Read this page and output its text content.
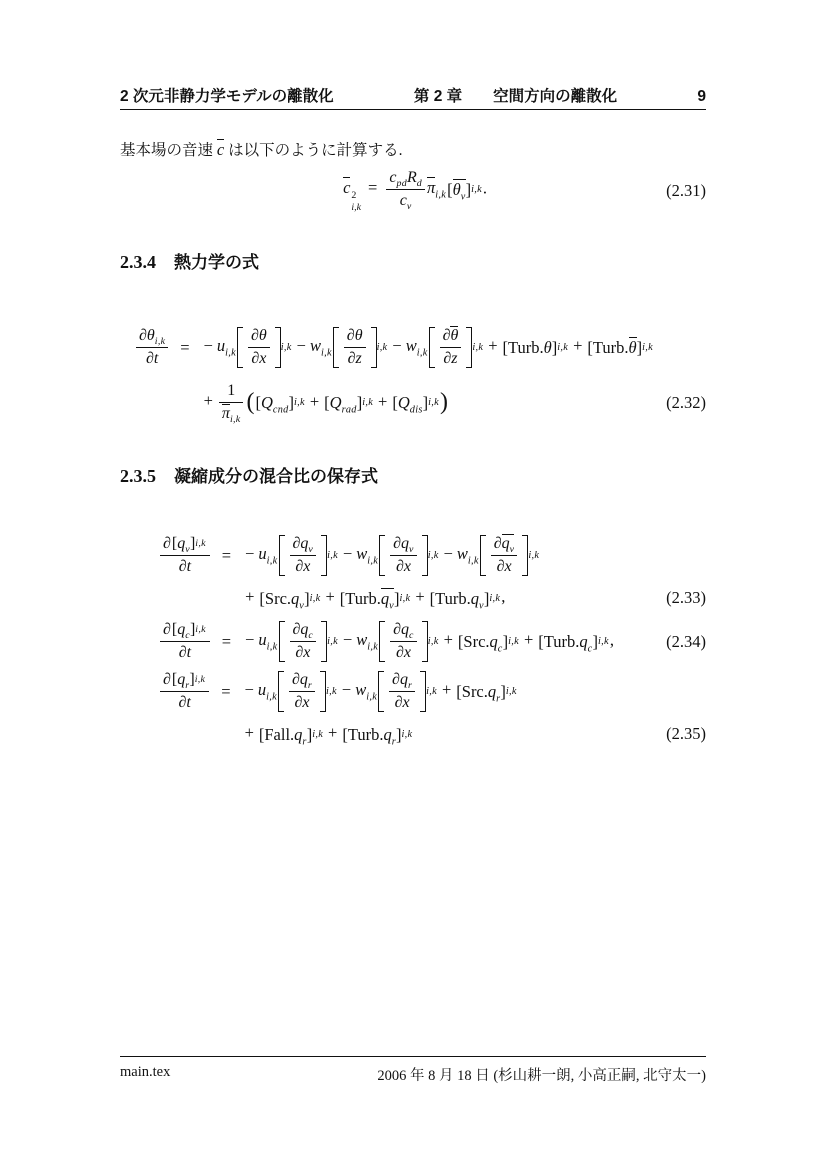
2 次元非静力学モデルの離散化	第 2 章　　空間方向の離散化	9
基本場の音速 c は以下のように計算する.
c 2
i,k
= $\frac{c_{pd}R_d}{c_v} \pi_{i,k}$ [ $\theta_v$ ] i,k .	(2.31)
2.3.4 熱力学の式
$\frac{\partial\theta_{i,k}}{\partial t}$ = − $u_{i,k} \frac{\partial\theta}{\partial x} i,k - w_{i,k} \frac{\partial\theta}{\partial z} i,k - w_{i,k} \frac{\partial\theta}{\partial z} i,k$ + [ Turb.θ ] i,k + [ Turb.θ ] i,k
+ $\frac{1}{\pi_{i,k}}$ ( [ $Q_{cnd}$ ] i,k + [ $Q_{rad}$ ] i,k + [ $Q_{dis}$ ] i,k )	(2.32)
2.3.5 凝縮成分の混合比の保存式
$\frac{\partial [ q_v ] i,k}{\partial t}$ = − $u_{i,k} \frac{\partial q_v}{\partial x} i,k - w_{i,k} \frac{\partial q_v}{\partial x} i,k - w_{i,k} \frac{\partial q_v}{\partial x} i,k$
+ [ $Src.q_v$ ] i,k + [ $Turb.q_v$ ] i,k + [ $Turb.q_v$ ] i,k ,	(2.33)
$\frac{\partial [ q_c ] i,k}{\partial t}$ = − $u_{i,k} \frac{\partial q_c}{\partial x} i,k - w_{i,k} \frac{\partial q_c}{\partial x} i,k$ + [ $Src.q_c$ ] i,k + [ $Turb.q_c$ ] i,k ,	(2.34)
$\frac{\partial [ q_r ] i,k}{\partial t}$ = − $u_{i,k} \frac{\partial q_r}{\partial x} i,k - w_{i,k} \frac{\partial q_r}{\partial x} i,k$ + [ $Src.q_r$ ] i,k
+ [ $Fall.q_r$ ] i,k + [ $Turb.q_r$ ] i,k	(2.35)
main.tex	2006 年 8 月 18 日 (杉山耕一朗, 小高正嗣, 北守太一)
